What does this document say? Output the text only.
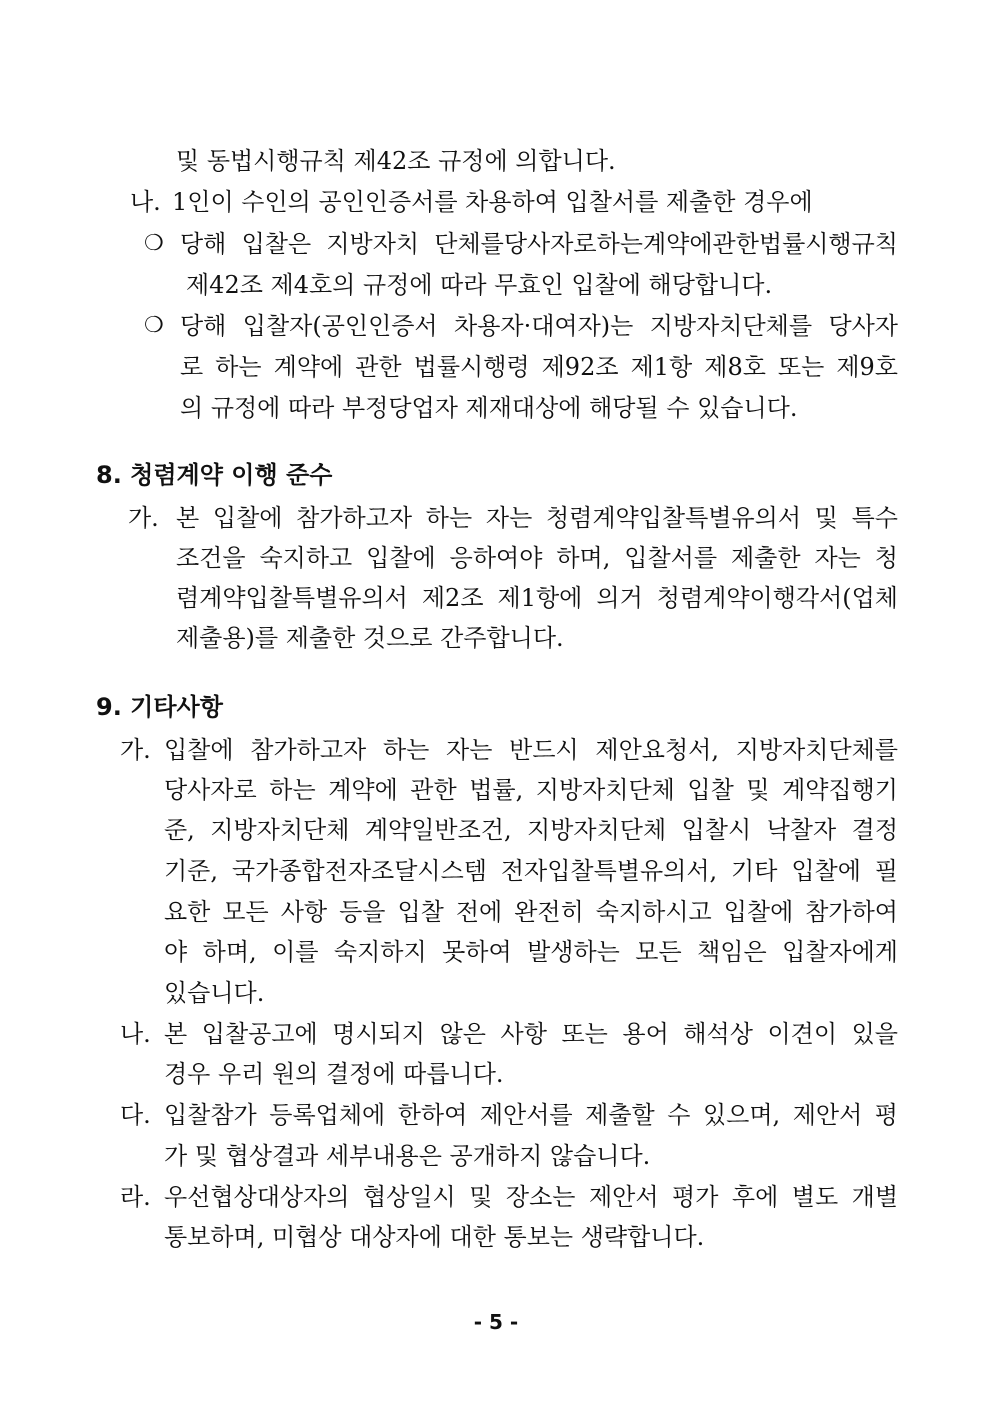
및 동법시행규칙 제42조 규정에 의합니다.
나. 1인이 수인의 공인인증서를 차용하여 입찰서를 제출한 경우에
❍ 당해 입찰은 지방자치 단체를당사자로하는계약에관한법률시행규칙
제42조 제4호의 규정에 따라 무효인 입찰에 해당합니다.
❍ 당해 입찰자(공인인증서 차용자·대여자)는 지방자치단체를 당사자
로 하는 계약에 관한 법률시행령 제92조 제1항 제8호 또는 제9호
의 규정에 따라 부정당업자 제재대상에 해당될 수 있습니다.
8. 청렴계약 이행 준수
가. 본 입찰에 참가하고자 하는 자는 청렴계약입찰특별유의서 및 특수
조건을 숙지하고 입찰에 응하여야 하며, 입찰서를 제출한 자는 청
렴계약입찰특별유의서 제2조 제1항에 의거 청렴계약이행각서(업체
제출용)를 제출한 것으로 간주합니다.
9. 기타사항
가. 입찰에 참가하고자 하는 자는 반드시 제안요청서, 지방자치단체를
당사자로 하는 계약에 관한 법률, 지방자치단체 입찰 및 계약집행기
준, 지방자치단체 계약일반조건, 지방자치단체 입찰시 낙찰자 결정
기준, 국가종합전자조달시스템 전자입찰특별유의서, 기타 입찰에 필
요한 모든 사항 등을 입찰 전에 완전히 숙지하시고 입찰에 참가하여
야 하며, 이를 숙지하지 못하여 발생하는 모든 책임은 입찰자에게
있습니다.
나. 본 입찰공고에 명시되지 않은 사항 또는 용어 해석상 이견이 있을
경우 우리 원의 결정에 따릅니다.
다. 입찰참가 등록업체에 한하여 제안서를 제출할 수 있으며, 제안서 평
가 및 협상결과 세부내용은 공개하지 않습니다.
라. 우선협상대상자의 협상일시 및 장소는 제안서 평가 후에 별도 개별
통보하며, 미협상 대상자에 대한 통보는 생략합니다.
- 5 -
